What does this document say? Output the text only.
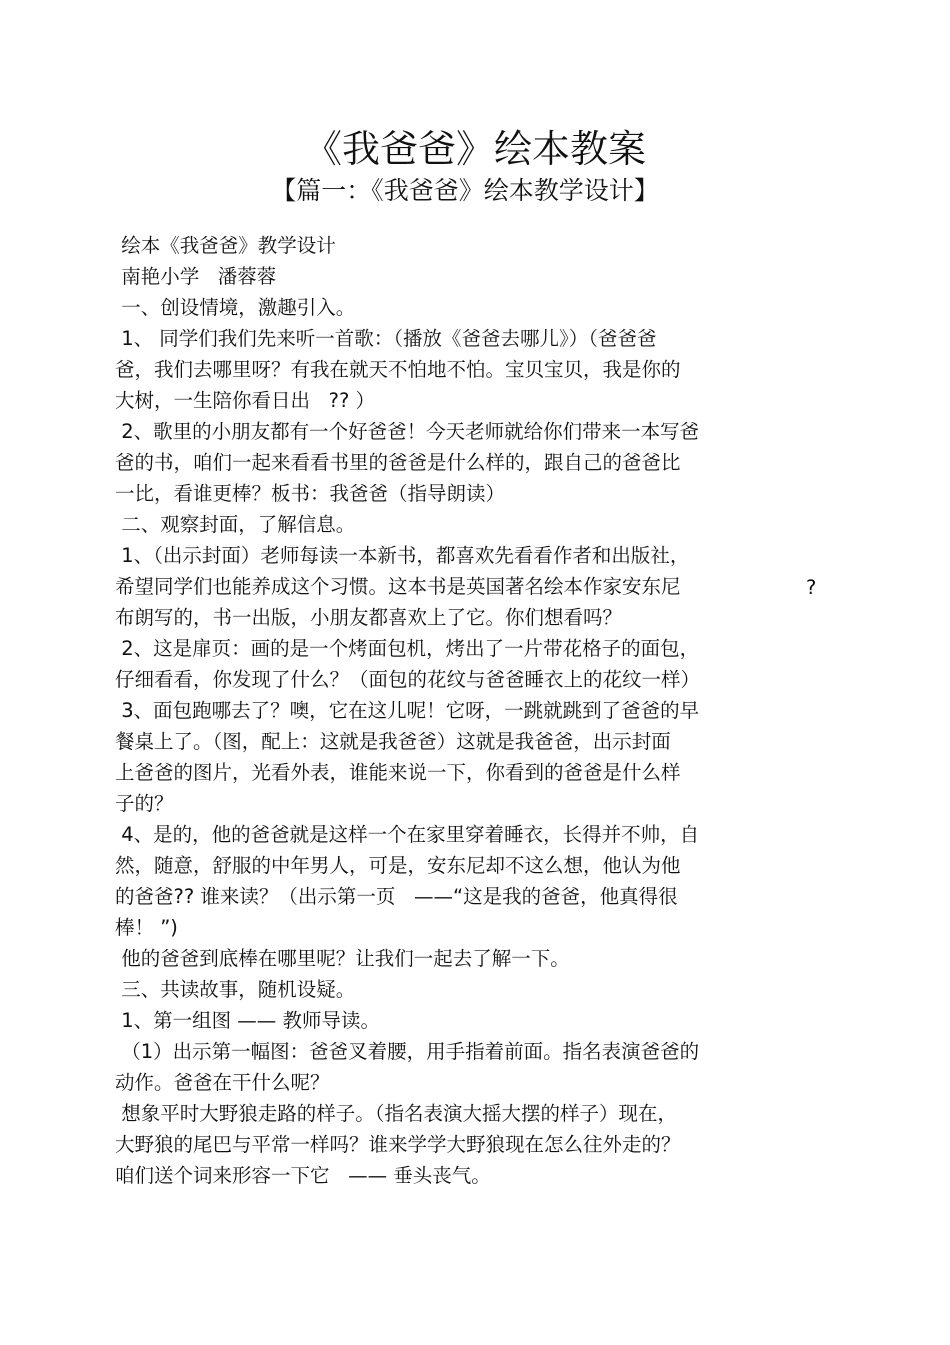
《我爸爸》绘本教案
【篇一：《我爸爸》绘本教学设计】
绘本《我爸爸》教学设计
南艳小学   潘蓉蓉
一、创设情境，激趣引入。
1、 同学们我们先来听一首歌：（播放《爸爸去哪儿》）（爸爸爸
爸，我们去哪里呀？有我在就天不怕地不怕。宝贝宝贝，我是你的
大树，一生陪你看日出   ?? ）
2、歌里的小朋友都有一个好爸爸！今天老师就给你们带来一本写爸
爸的书，咱们一起来看看书里的爸爸是什么样的，跟自己的爸爸比
一比，看谁更棒？板书：我爸爸（指导朗读）
二、观察封面，了解信息。
1、（出示封面）老师每读一本新书，都喜欢先看看作者和出版社，
希望同学们也能养成这个习惯。这本书是英国著名绘本作家安东尼
布朗写的，书一出版，小朋友都喜欢上了它。你们想看吗？
2、这是扉页：画的是一个烤面包机，烤出了一片带花格子的面包，
仔细看看，你发现了什么？（面包的花纹与爸爸睡衣上的花纹一样）
3、面包跑哪去了？噢，它在这儿呢！它呀，一跳就跳到了爸爸的早
餐桌上了。（图，配上：这就是我爸爸）这就是我爸爸，出示封面
上爸爸的图片，光看外表，谁能来说一下，你看到的爸爸是什么样
子的？
4、是的，他的爸爸就是这样一个在家里穿着睡衣，长得并不帅，自
然，随意，舒服的中年男人，可是，安东尼却不这么想，他认为他
的爸爸?? 谁来读？（出示第一页   ——“这是我的爸爸，他真得很
棒！ ”)
他的爸爸到底棒在哪里呢？让我们一起去了解一下。
三、共读故事，随机设疑。
1、第一组图 —— 教师导读。
（1）出示第一幅图：爸爸叉着腰，用手指着前面。指名表演爸爸的
动作。爸爸在干什么呢？
想象平时大野狼走路的样子。（指名表演大摇大摆的样子）现在，
大野狼的尾巴与平常一样吗？谁来学学大野狼现在怎么往外走的？
咱们送个词来形容一下它   —— 垂头丧气。
?
